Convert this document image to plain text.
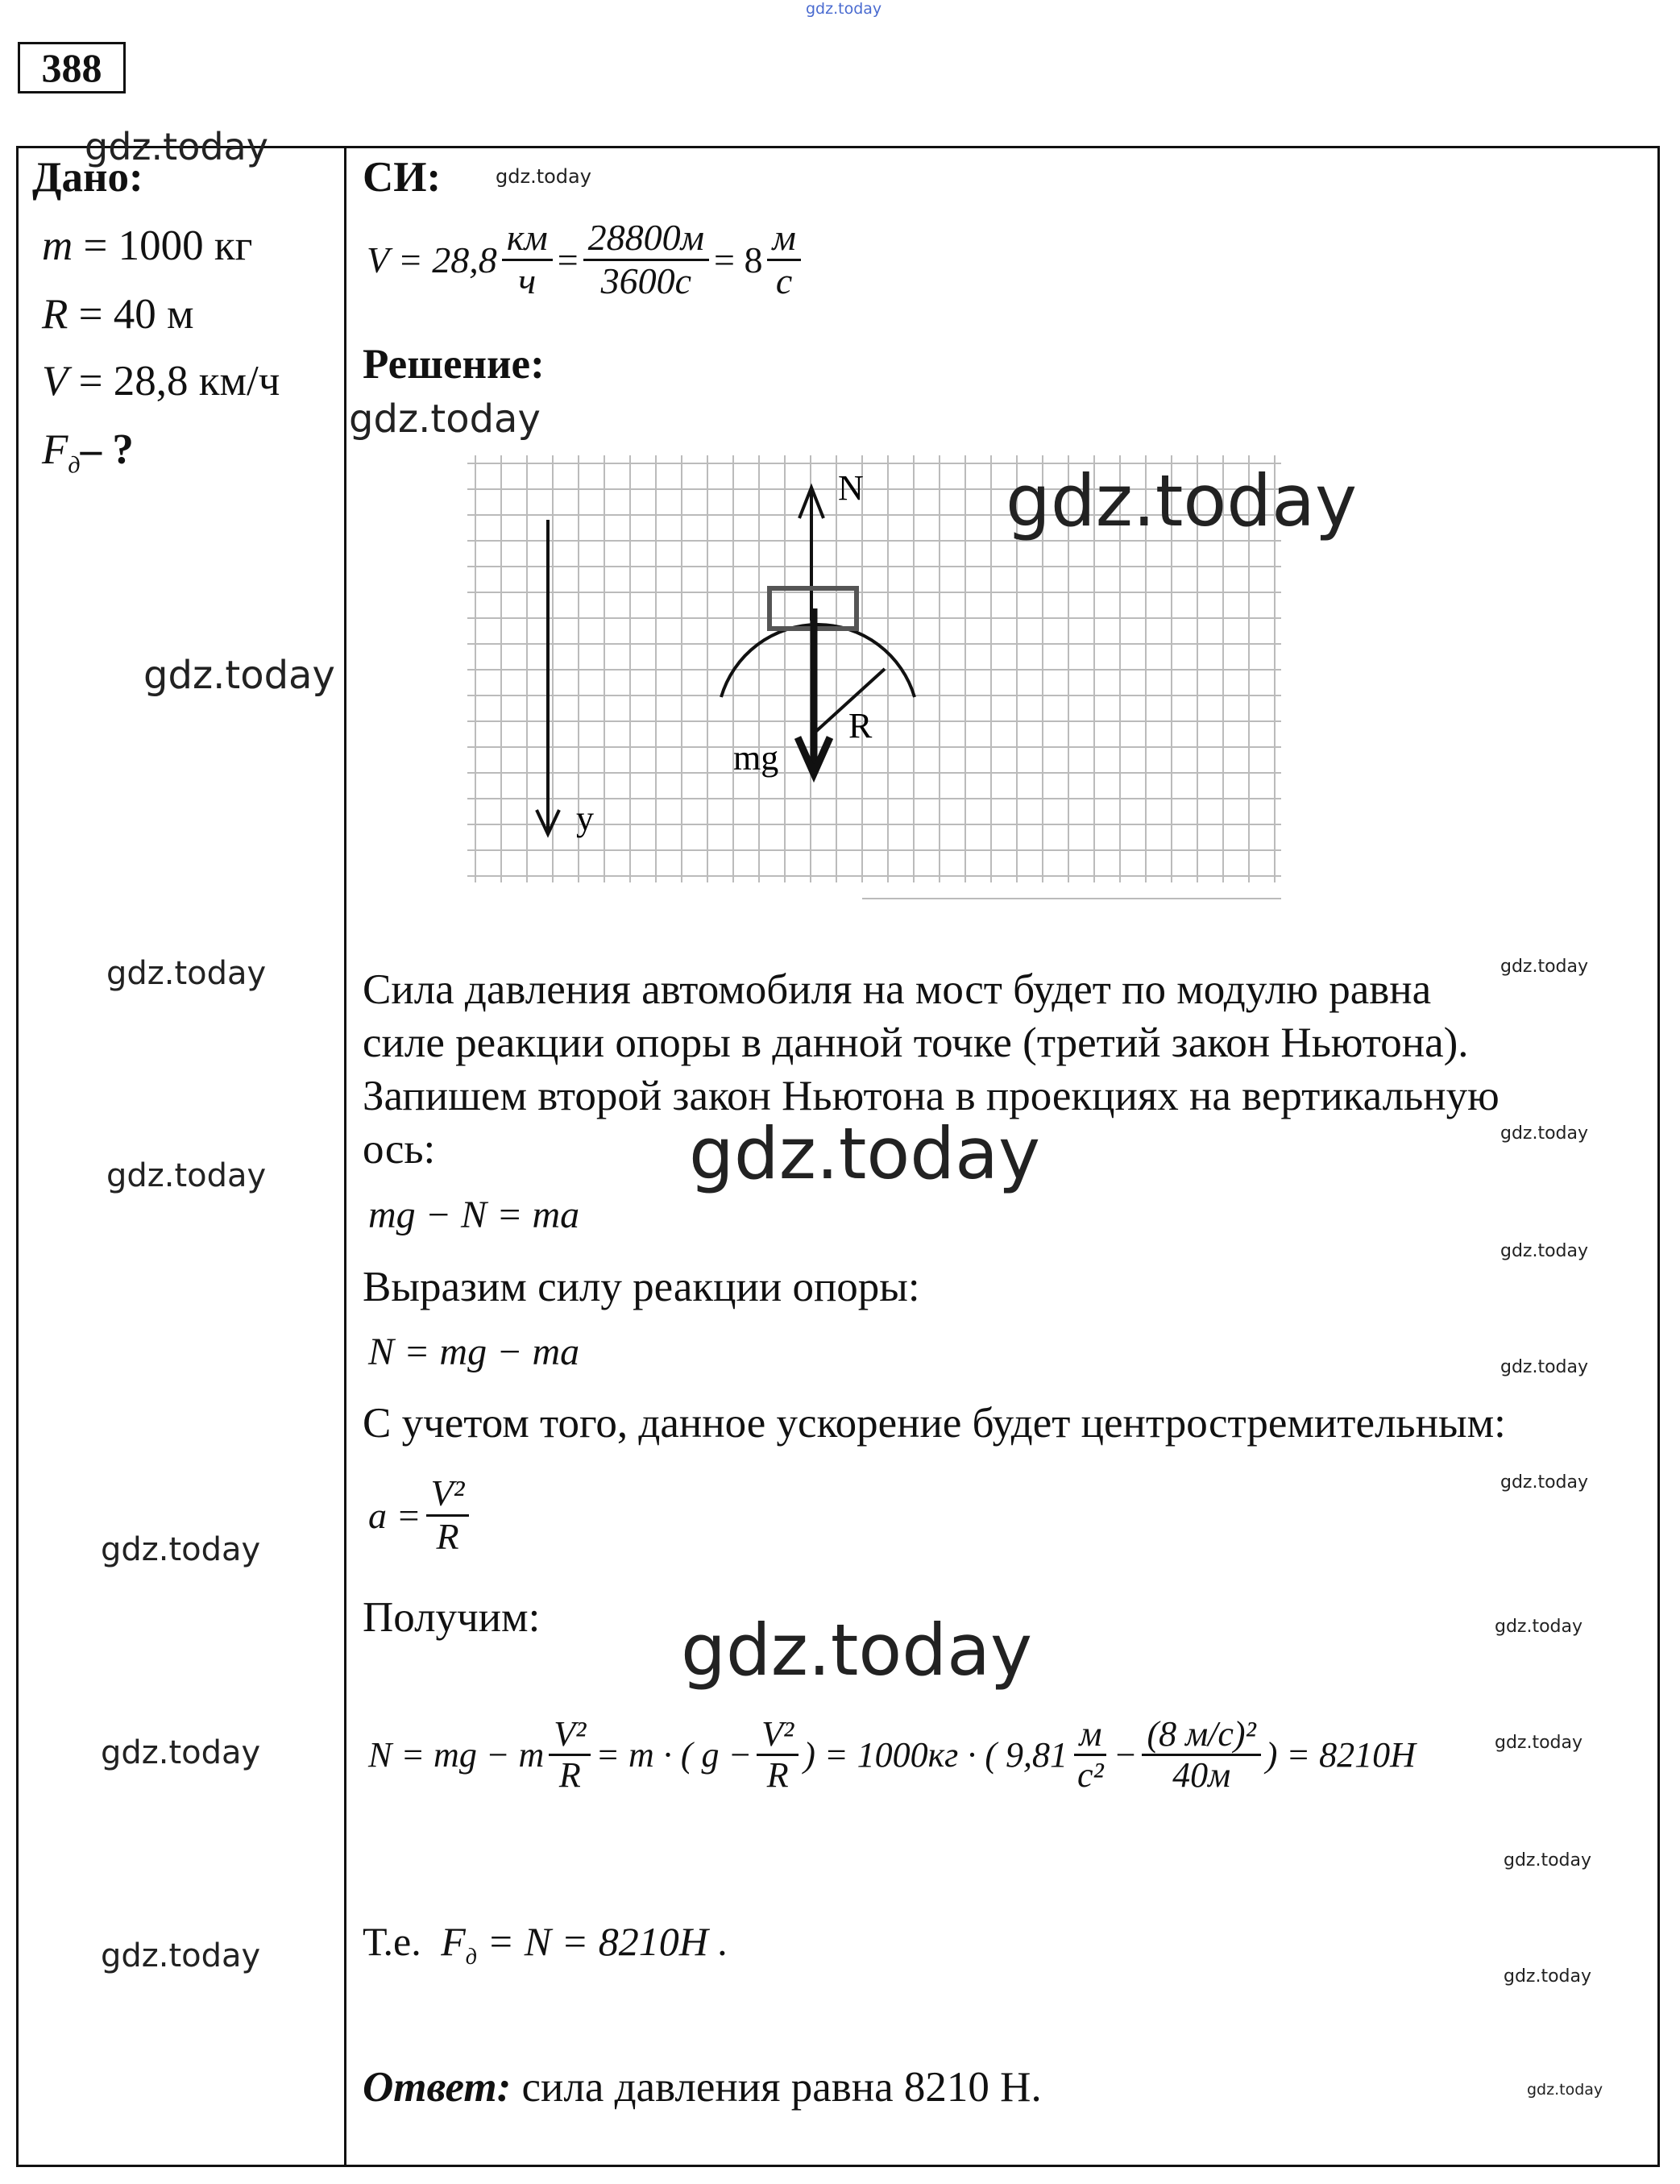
gdz.today
388
Дано:
m = 1000 кг
R = 40 м
V = 28,8 км/ч
$F_д-$ ?
gdz.today
gdz.today
gdz.today
gdz.today
gdz.today
gdz.today
gdz.today
СИ:	gdz.today
$V = 28,8 \frac{км}{ч} = \frac{28800м}{3600с} = 8 \frac{м}{с}$
Решение:
gdz.today
N
R
mg
y
gdz.today
gdz.today
Сила давления автомобиля на мост будет по модулю равна
силе реакции опоры в данной точке (третий закон Ньютона).
Запишем второй закон Ньютона в проекциях на вертикальную
ось:	gdz.today
gdz.today
mg − N = ma
gdz.today
Выразим силу реакции опоры:
N = mg − ma	gdz.today
С учетом того, данное ускорение будет центростремительным:
$a = \frac{\text{V²}}{R}$	gdz.today
Получим:	gdz.today
gdz.today
N = mg − m $\frac{\text{V²}}{R} = m$ · ( $g - \frac{\text{V²}}{R}$ ) = 1000кг · ( $9,81 \frac{м}{\text{с²}} - \frac{\text{(8 м/с)²}}{40м}$ ) = 8210Н	gdz.today
gdz.today
Т.е. $F_д = N = 8210Н$ .
gdz.today
Ответ: сила давления равна 8210 Н.	gdz.today
